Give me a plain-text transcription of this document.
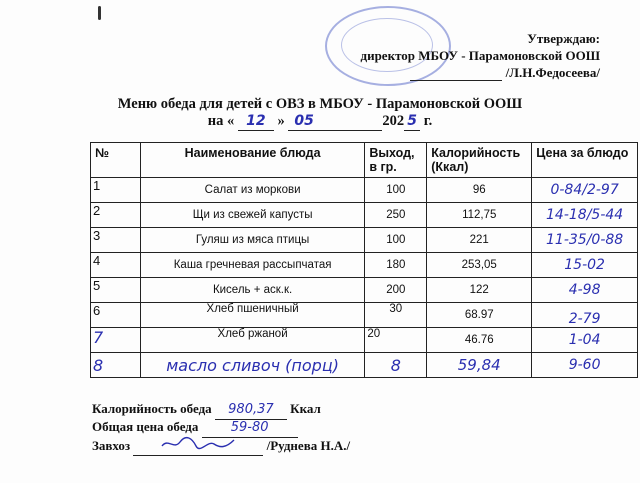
Утверждаю:
директор МБОУ - Парамоновской ООШ
/Л.Н.Федосеева/
Меню обеда для детей с ОВЗ в МБОУ - Парамоновской ООШ
на « 12 » 05	202 5 г.
№	Наименование блюда	Выход, в гр.	Калорийность (Ккал)	Цена за блюдо
1	Салат из моркови	100	96	0-84/2-97
2	Щи из свежей капусты	250	112,75	14-18/5-44
3	Гуляш из мяса птицы	100	221	11-35/0-88
4	Каша гречневая рассыпчатая	180	253,05	15-02
5	Кисель + аск.к.	200	122	4-98
6	Хлеб пшеничный	30	68.97	2-79
7	Хлеб ржаной	20	46.76	1-04
8	масло сливоч (порц)	8	59,84	9-60
Калорийность обеда 980,37 Ккал
Общая цена обеда 59-80
Завхоз	/Руднева Н.А./
